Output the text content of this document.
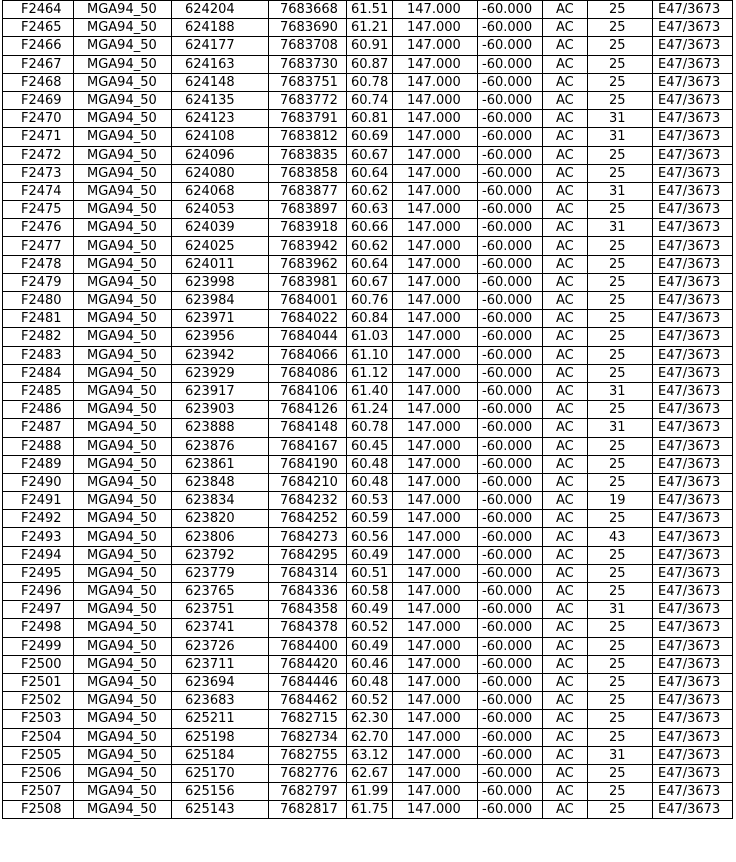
F2464	MGA94_50	624204	7683668	61.51	147.000	-60.000	AC	25	E47/3673
F2465	MGA94_50	624188	7683690	61.21	147.000	-60.000	AC	25	E47/3673
F2466	MGA94_50	624177	7683708	60.91	147.000	-60.000	AC	25	E47/3673
F2467	MGA94_50	624163	7683730	60.87	147.000	-60.000	AC	25	E47/3673
F2468	MGA94_50	624148	7683751	60.78	147.000	-60.000	AC	25	E47/3673
F2469	MGA94_50	624135	7683772	60.74	147.000	-60.000	AC	25	E47/3673
F2470	MGA94_50	624123	7683791	60.81	147.000	-60.000	AC	31	E47/3673
F2471	MGA94_50	624108	7683812	60.69	147.000	-60.000	AC	31	E47/3673
F2472	MGA94_50	624096	7683835	60.67	147.000	-60.000	AC	25	E47/3673
F2473	MGA94_50	624080	7683858	60.64	147.000	-60.000	AC	25	E47/3673
F2474	MGA94_50	624068	7683877	60.62	147.000	-60.000	AC	31	E47/3673
F2475	MGA94_50	624053	7683897	60.63	147.000	-60.000	AC	25	E47/3673
F2476	MGA94_50	624039	7683918	60.66	147.000	-60.000	AC	31	E47/3673
F2477	MGA94_50	624025	7683942	60.62	147.000	-60.000	AC	25	E47/3673
F2478	MGA94_50	624011	7683962	60.64	147.000	-60.000	AC	25	E47/3673
F2479	MGA94_50	623998	7683981	60.67	147.000	-60.000	AC	25	E47/3673
F2480	MGA94_50	623984	7684001	60.76	147.000	-60.000	AC	25	E47/3673
F2481	MGA94_50	623971	7684022	60.84	147.000	-60.000	AC	25	E47/3673
F2482	MGA94_50	623956	7684044	61.03	147.000	-60.000	AC	25	E47/3673
F2483	MGA94_50	623942	7684066	61.10	147.000	-60.000	AC	25	E47/3673
F2484	MGA94_50	623929	7684086	61.12	147.000	-60.000	AC	25	E47/3673
F2485	MGA94_50	623917	7684106	61.40	147.000	-60.000	AC	31	E47/3673
F2486	MGA94_50	623903	7684126	61.24	147.000	-60.000	AC	25	E47/3673
F2487	MGA94_50	623888	7684148	60.78	147.000	-60.000	AC	31	E47/3673
F2488	MGA94_50	623876	7684167	60.45	147.000	-60.000	AC	25	E47/3673
F2489	MGA94_50	623861	7684190	60.48	147.000	-60.000	AC	25	E47/3673
F2490	MGA94_50	623848	7684210	60.48	147.000	-60.000	AC	25	E47/3673
F2491	MGA94_50	623834	7684232	60.53	147.000	-60.000	AC	19	E47/3673
F2492	MGA94_50	623820	7684252	60.59	147.000	-60.000	AC	25	E47/3673
F2493	MGA94_50	623806	7684273	60.56	147.000	-60.000	AC	43	E47/3673
F2494	MGA94_50	623792	7684295	60.49	147.000	-60.000	AC	25	E47/3673
F2495	MGA94_50	623779	7684314	60.51	147.000	-60.000	AC	25	E47/3673
F2496	MGA94_50	623765	7684336	60.58	147.000	-60.000	AC	25	E47/3673
F2497	MGA94_50	623751	7684358	60.49	147.000	-60.000	AC	31	E47/3673
F2498	MGA94_50	623741	7684378	60.52	147.000	-60.000	AC	25	E47/3673
F2499	MGA94_50	623726	7684400	60.49	147.000	-60.000	AC	25	E47/3673
F2500	MGA94_50	623711	7684420	60.46	147.000	-60.000	AC	25	E47/3673
F2501	MGA94_50	623694	7684446	60.48	147.000	-60.000	AC	25	E47/3673
F2502	MGA94_50	623683	7684462	60.52	147.000	-60.000	AC	25	E47/3673
F2503	MGA94_50	625211	7682715	62.30	147.000	-60.000	AC	25	E47/3673
F2504	MGA94_50	625198	7682734	62.70	147.000	-60.000	AC	25	E47/3673
F2505	MGA94_50	625184	7682755	63.12	147.000	-60.000	AC	31	E47/3673
F2506	MGA94_50	625170	7682776	62.67	147.000	-60.000	AC	25	E47/3673
F2507	MGA94_50	625156	7682797	61.99	147.000	-60.000	AC	25	E47/3673
F2508	MGA94_50	625143	7682817	61.75	147.000	-60.000	AC	25	E47/3673
